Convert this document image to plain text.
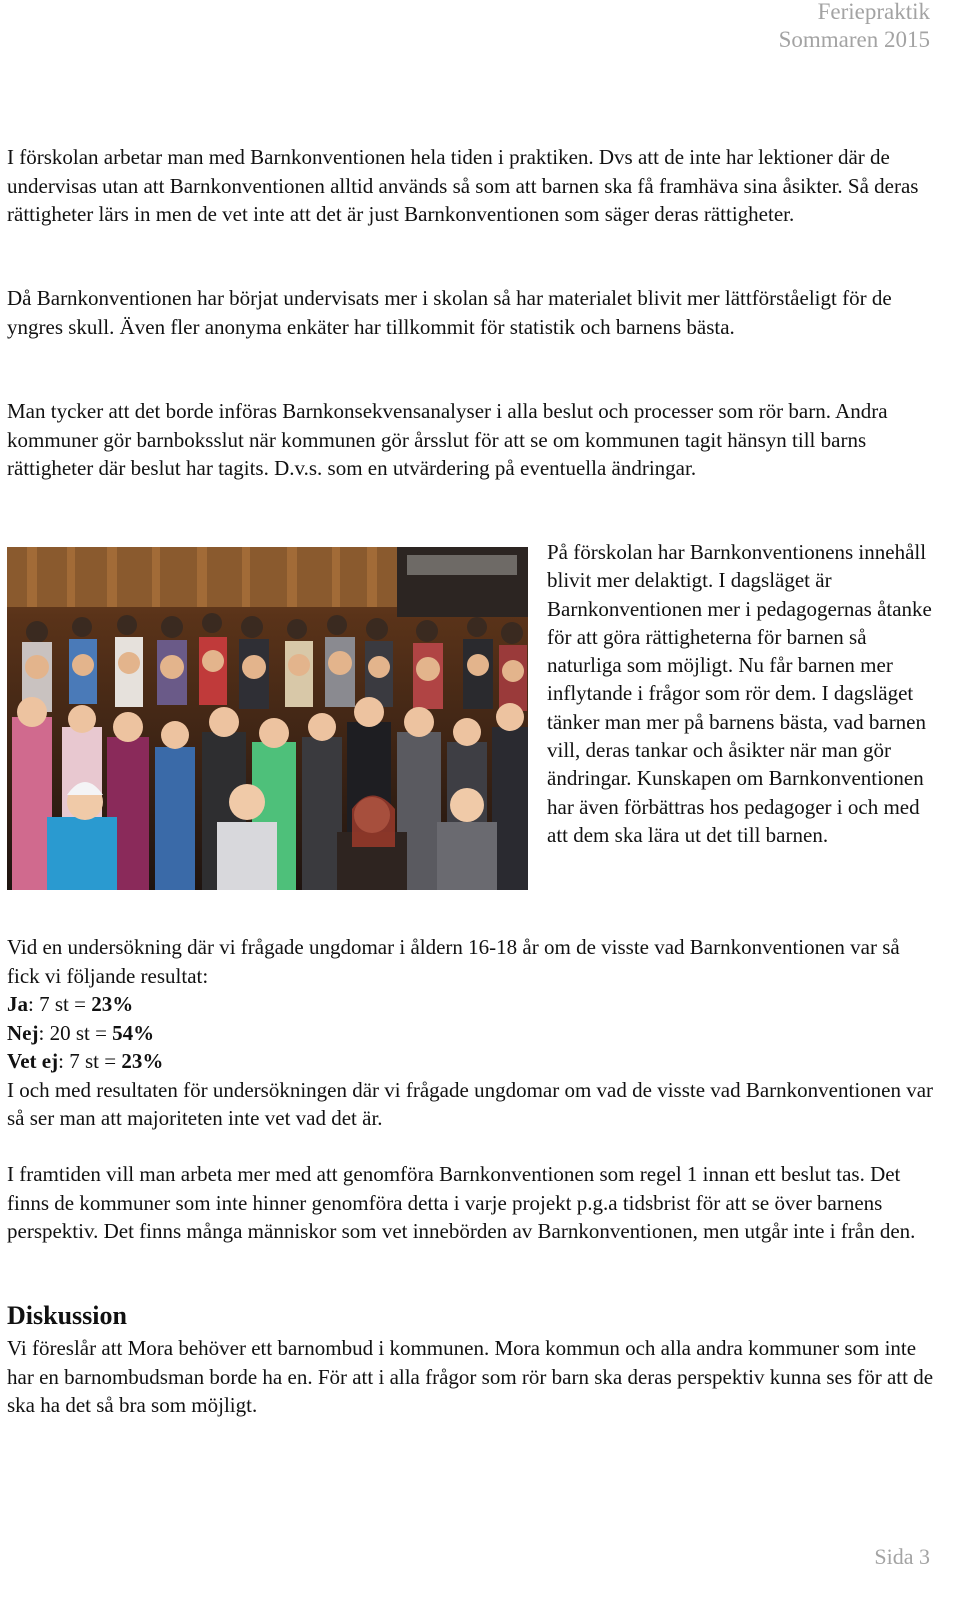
Feriepraktik
Sommaren 2015

I förskolan arbetar man med Barnkonventionen hela tiden i praktiken. Dvs att de inte har lektioner där de undervisas utan att Barnkonventionen alltid används så som att barnen ska få framhäva sina åsikter. Så deras rättigheter lärs in men de vet inte att det är just Barnkonventionen som säger deras rättigheter.

Då Barnkonventionen har börjat undervisats mer i skolan så har materialet blivit mer lättförståeligt för de yngres skull. Även fler anonyma enkäter har tillkommit för statistik och barnens bästa.

Man tycker att det borde införas Barnkonsekvensanalyser i alla beslut och processer som rör barn. Andra kommuner gör barnboksslut när kommunen gör årsslut för att se om kommunen tagit hänsyn till barns rättigheter där beslut har tagits. D.v.s. som en utvärdering på eventuella ändringar.

På förskolan har Barnkonventionens innehåll blivit mer delaktigt. I dagsläget är Barnkonventionen mer i pedagogernas åtanke för att göra rättigheterna för barnen så naturliga som möjligt. Nu får barnen mer inflytande i frågor som rör dem. I dagsläget tänker man mer på barnens bästa, vad barnen vill, deras tankar och åsikter när man gör ändringar. Kunskapen om Barnkonventionen har även förbättras hos pedagoger i och med att dem ska lära ut det till barnen.

Vid en undersökning där vi frågade ungdomar i åldern 16-18 år om de visste vad Barnkonventionen var så fick vi följande resultat:

Ja: 7 st = 23%

Nej: 20 st = 54%

Vet ej: 7 st = 23%

I och med resultaten för undersökningen där vi frågade ungdomar om vad de visste vad Barnkonventionen var så ser man att majoriteten inte vet vad det är.

I framtiden vill man arbeta mer med att genomföra Barnkonventionen som regel 1 innan ett beslut tas. Det finns de kommuner som inte hinner genomföra detta i varje projekt p.g.a tidsbrist för att se över barnens perspektiv. Det finns många människor som vet innebörden av Barnkonventionen, men utgår inte i från den.

Diskussion

Vi föreslår att Mora behöver ett barnombud i kommunen. Mora kommun och alla andra kommuner som inte har en barnombudsman borde ha en. För att i alla frågor som rör barn ska deras perspektiv kunna ses för att de ska ha det så bra som möjligt.

Sida 3
